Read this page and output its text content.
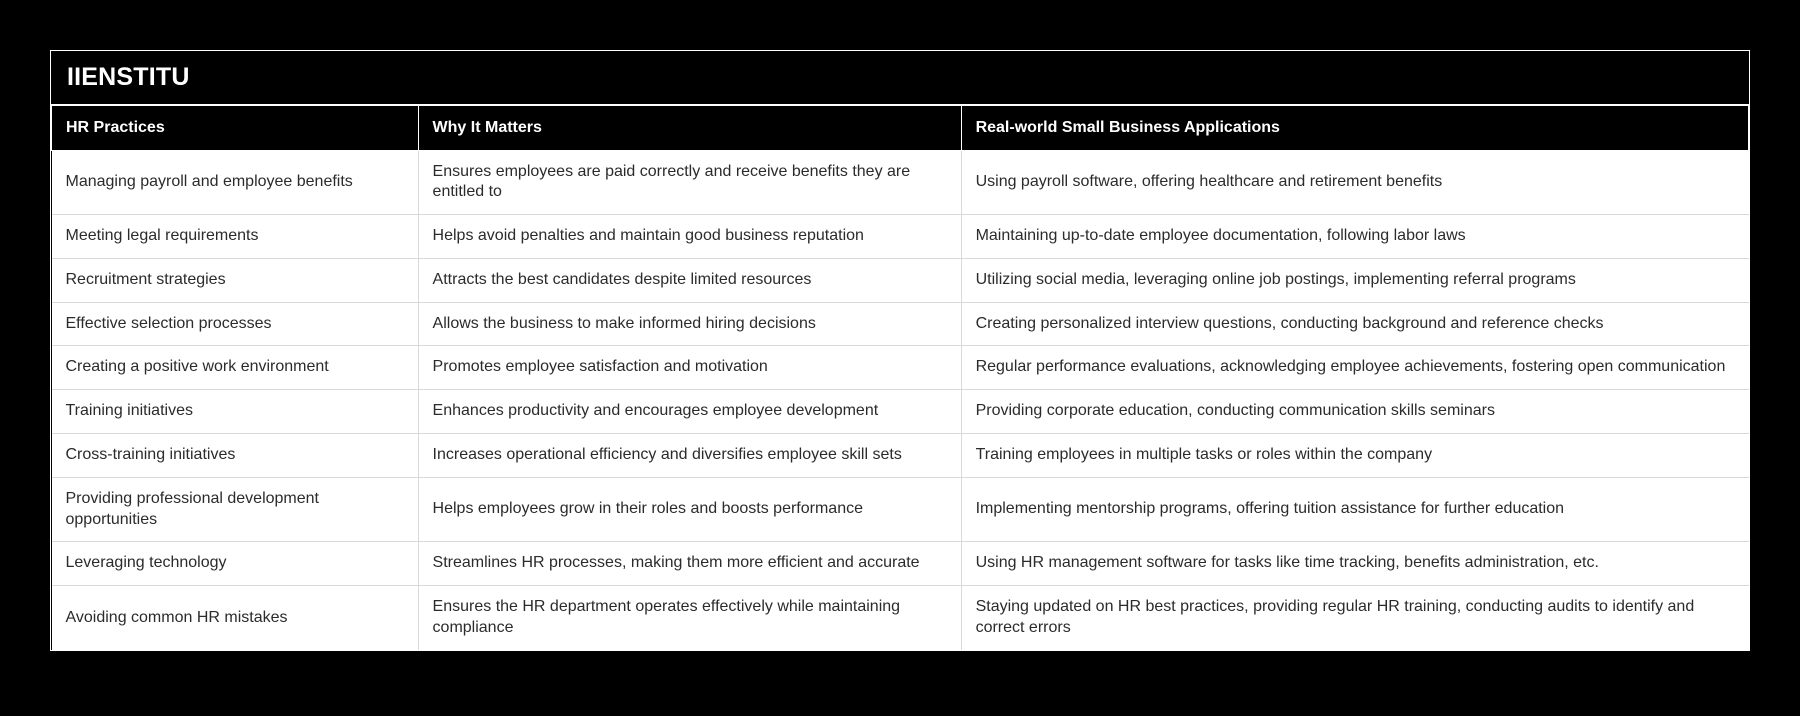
IIENSTITU
HR Practices	Why It Matters	Real-world Small Business Applications
Managing payroll and employee benefits	Ensures employees are paid correctly and receive benefits they are entitled to	Using payroll software, offering healthcare and retirement benefits
Meeting legal requirements	Helps avoid penalties and maintain good business reputation	Maintaining up-to-date employee documentation, following labor laws
Recruitment strategies	Attracts the best candidates despite limited resources	Utilizing social media, leveraging online job postings, implementing referral programs
Effective selection processes	Allows the business to make informed hiring decisions	Creating personalized interview questions, conducting background and reference checks
Creating a positive work environment	Promotes employee satisfaction and motivation	Regular performance evaluations, acknowledging employee achievements, fostering open communication
Training initiatives	Enhances productivity and encourages employee development	Providing corporate education, conducting communication skills seminars
Cross-training initiatives	Increases operational efficiency and diversifies employee skill sets	Training employees in multiple tasks or roles within the company
Providing professional development opportunities	Helps employees grow in their roles and boosts performance	Implementing mentorship programs, offering tuition assistance for further education
Leveraging technology	Streamlines HR processes, making them more efficient and accurate	Using HR management software for tasks like time tracking, benefits administration, etc.
Avoiding common HR mistakes	Ensures the HR department operates effectively while maintaining compliance	Staying updated on HR best practices, providing regular HR training, conducting audits to identify and correct errors
